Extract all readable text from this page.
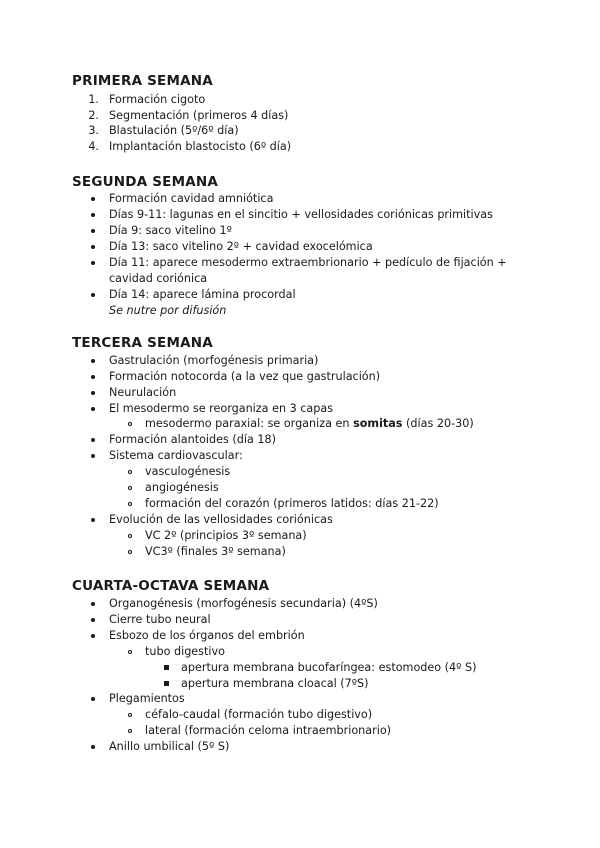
PRIMERA SEMANA
1. Formación cigoto
2. Segmentación (primeros 4 días)
3. Blastulación (5º/6º día)
4. Implantación blastocisto (6º día)
SEGUNDA SEMANA
Formación cavidad amniótica
Días 9-11: lagunas en el sincitio + vellosidades coriónicas primitivas
Día 9: saco vitelino 1º
Día 13: saco vitelino 2º + cavidad exocelómica
Día 11: aparece mesodermo extraembrionario + pedículo de fijación +
cavidad coriónica
Día 14: aparece lámina procordal
Se nutre por difusión
TERCERA SEMANA
Gastrulación (morfogénesis primaria)
Formación notocorda (a la vez que gastrulación)
Neurulación
El mesodermo se reorganiza en 3 capas
mesodermo paraxial: se organiza en somitas (días 20-30)
Formación alantoides (día 18)
Sistema cardiovascular:
vasculogénesis
angiogénesis
formación del corazón (primeros latidos: días 21-22)
Evolución de las vellosidades coriónicas
VC 2º (principios 3º semana)
VC3º (finales 3º semana)
CUARTA-OCTAVA SEMANA
Organogénesis (morfogénesis secundaria) (4ºS)
Cierre tubo neural
Esbozo de los órganos del embrión
tubo digestivo
apertura membrana bucofaríngea: estomodeo (4º S)
apertura membrana cloacal (7ºS)
Plegamientos
céfalo-caudal (formación tubo digestivo)
lateral (formación celoma intraembrionario)
Anillo umbilical (5º S)
